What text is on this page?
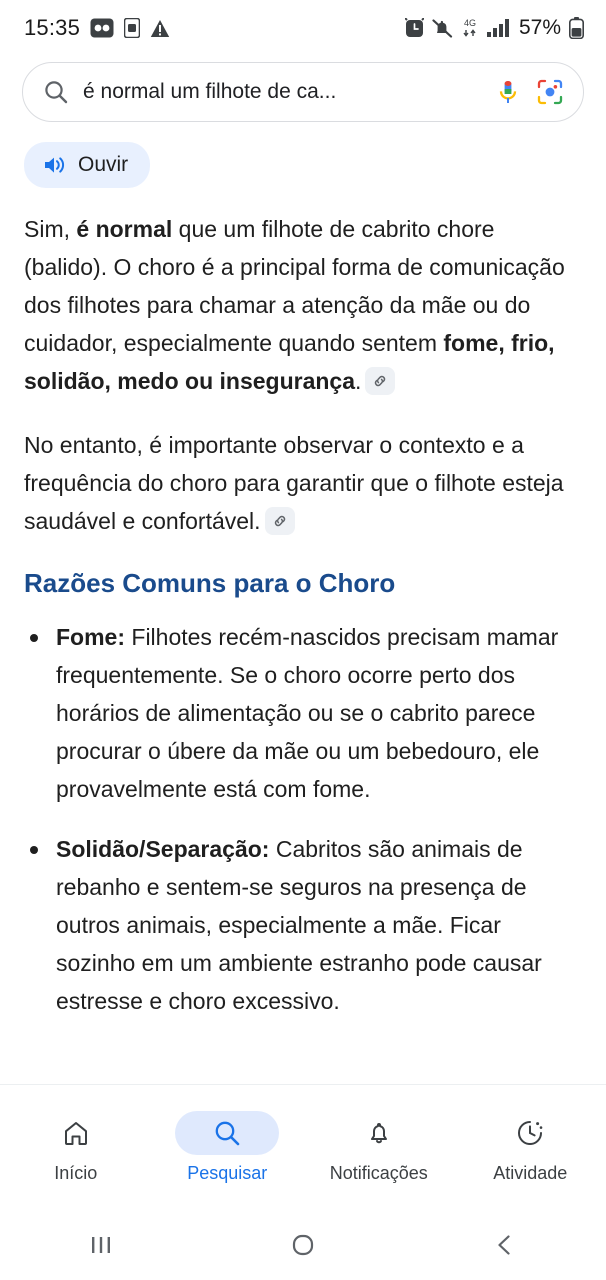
15:35	4G 57%
é normal um filhote de ca...
Ouvir

Sim, é normal que um filhote de cabrito chore (balido). O choro é a principal forma de comunicação dos filhotes para chamar a atenção da mãe ou do cuidador, especialmente quando sentem fome, frio, solidão, medo ou insegurança.

No entanto, é importante observar o contexto e a frequência do choro para garantir que o filhote esteja saudável e confortável.

Razões Comuns para o Choro
Fome: Filhotes recém-nascidos precisam mamar frequentemente. Se o choro ocorre perto dos horários de alimentação ou se o cabrito parece procurar o úbere da mãe ou um bebedouro, ele provavelmente está com fome.
Solidão/Separação: Cabritos são animais de rebanho e sentem-se seguros na presença de outros animais, especialmente a mãe. Ficar sozinho em um ambiente estranho pode causar estresse e choro excessivo.
Início	Pesquisar	Notificações	Atividade
